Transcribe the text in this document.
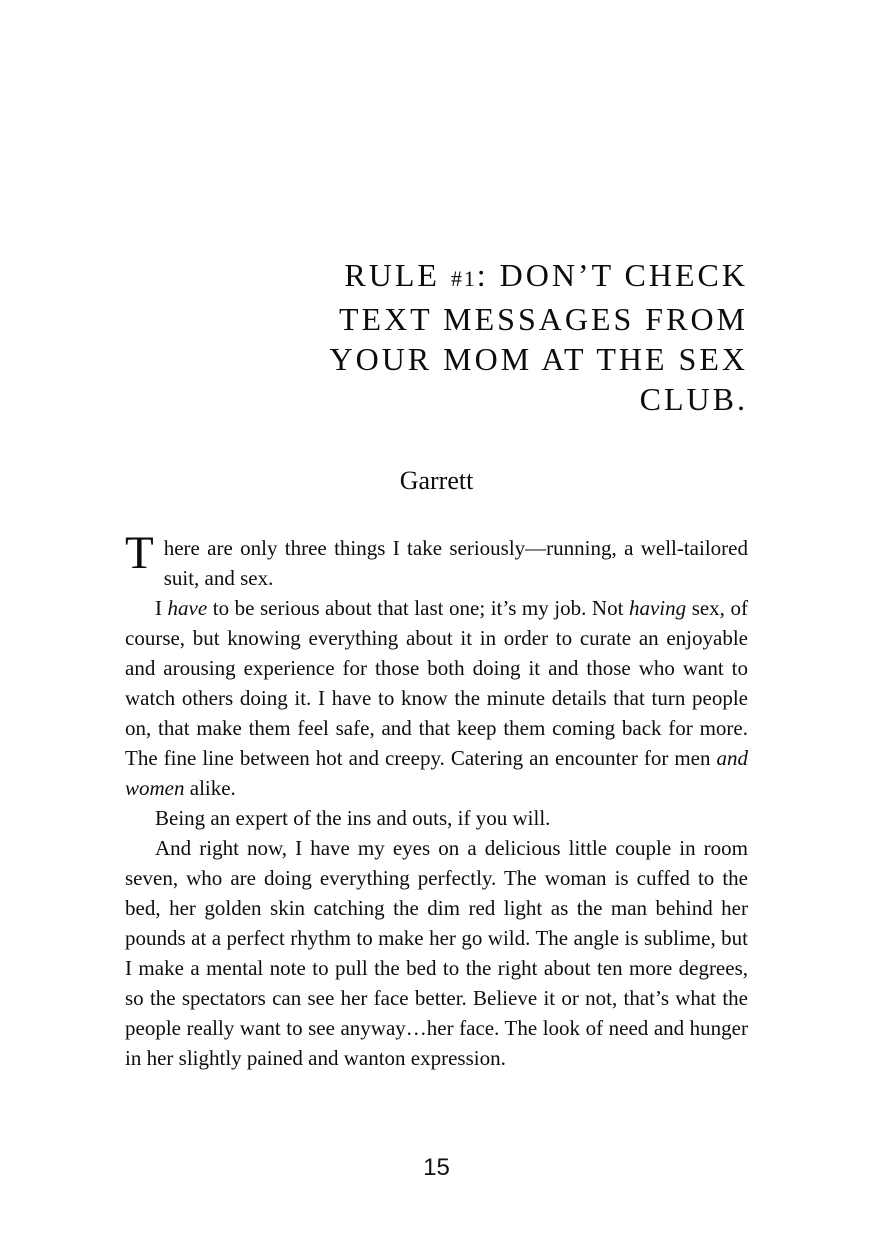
RULE #1: DON’T CHECK
TEXT MESSAGES FROM
YOUR MOM AT THE SEX
CLUB.
Garrett

There are only three things I take seriously—running, a well-tailored suit, and sex.

I have to be serious about that last one; it’s my job. Not having sex, of course, but knowing everything about it in order to curate an enjoyable and arousing experience for those both doing it and those who want to watch others doing it. I have to know the minute details that turn people on, that make them feel safe, and that keep them coming back for more. The fine line between hot and creepy. Catering an encounter for men and women alike.

Being an expert of the ins and outs, if you will.

And right now, I have my eyes on a delicious little couple in room seven, who are doing everything perfectly. The woman is cuffed to the bed, her golden skin catching the dim red light as the man behind her pounds at a perfect rhythm to make her go wild. The angle is sublime, but I make a mental note to pull the bed to the right about ten more degrees, so the spectators can see her face better. Believe it or not, that’s what the people really want to see anyway…her face. The look of need and hunger in her slightly pained and wanton expression.

15
